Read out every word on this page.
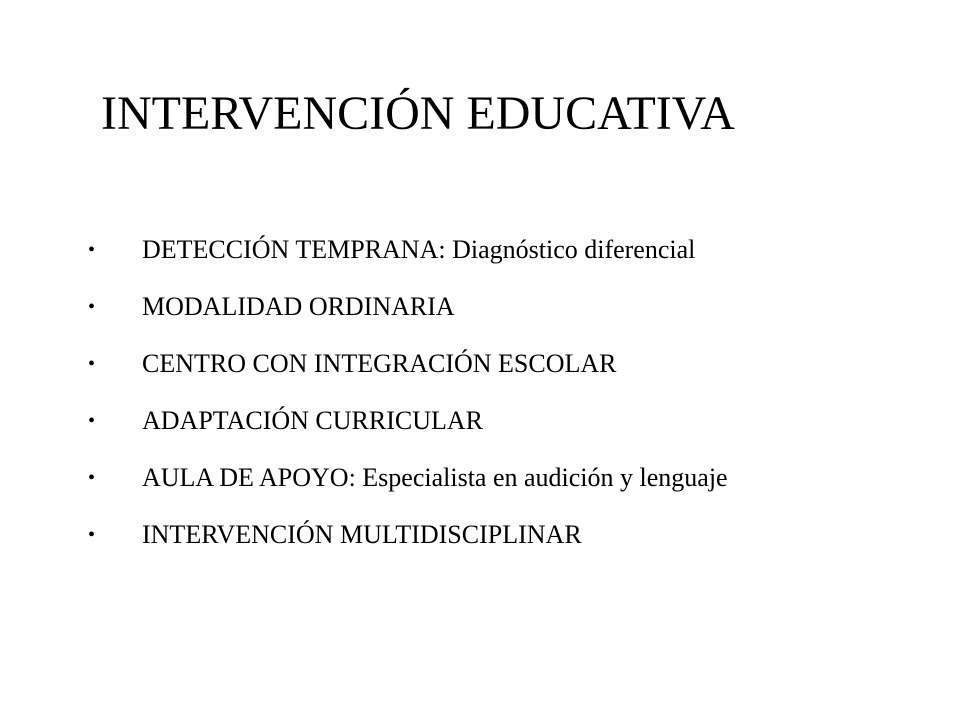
INTERVENCIÓN EDUCATIVA
•	DETECCIÓN TEMPRANA: Diagnóstico diferencial
•	MODALIDAD ORDINARIA
•	CENTRO CON INTEGRACIÓN ESCOLAR
•	ADAPTACIÓN CURRICULAR
•	AULA DE APOYO: Especialista en audición y lenguaje
•	INTERVENCIÓN MULTIDISCIPLINAR
